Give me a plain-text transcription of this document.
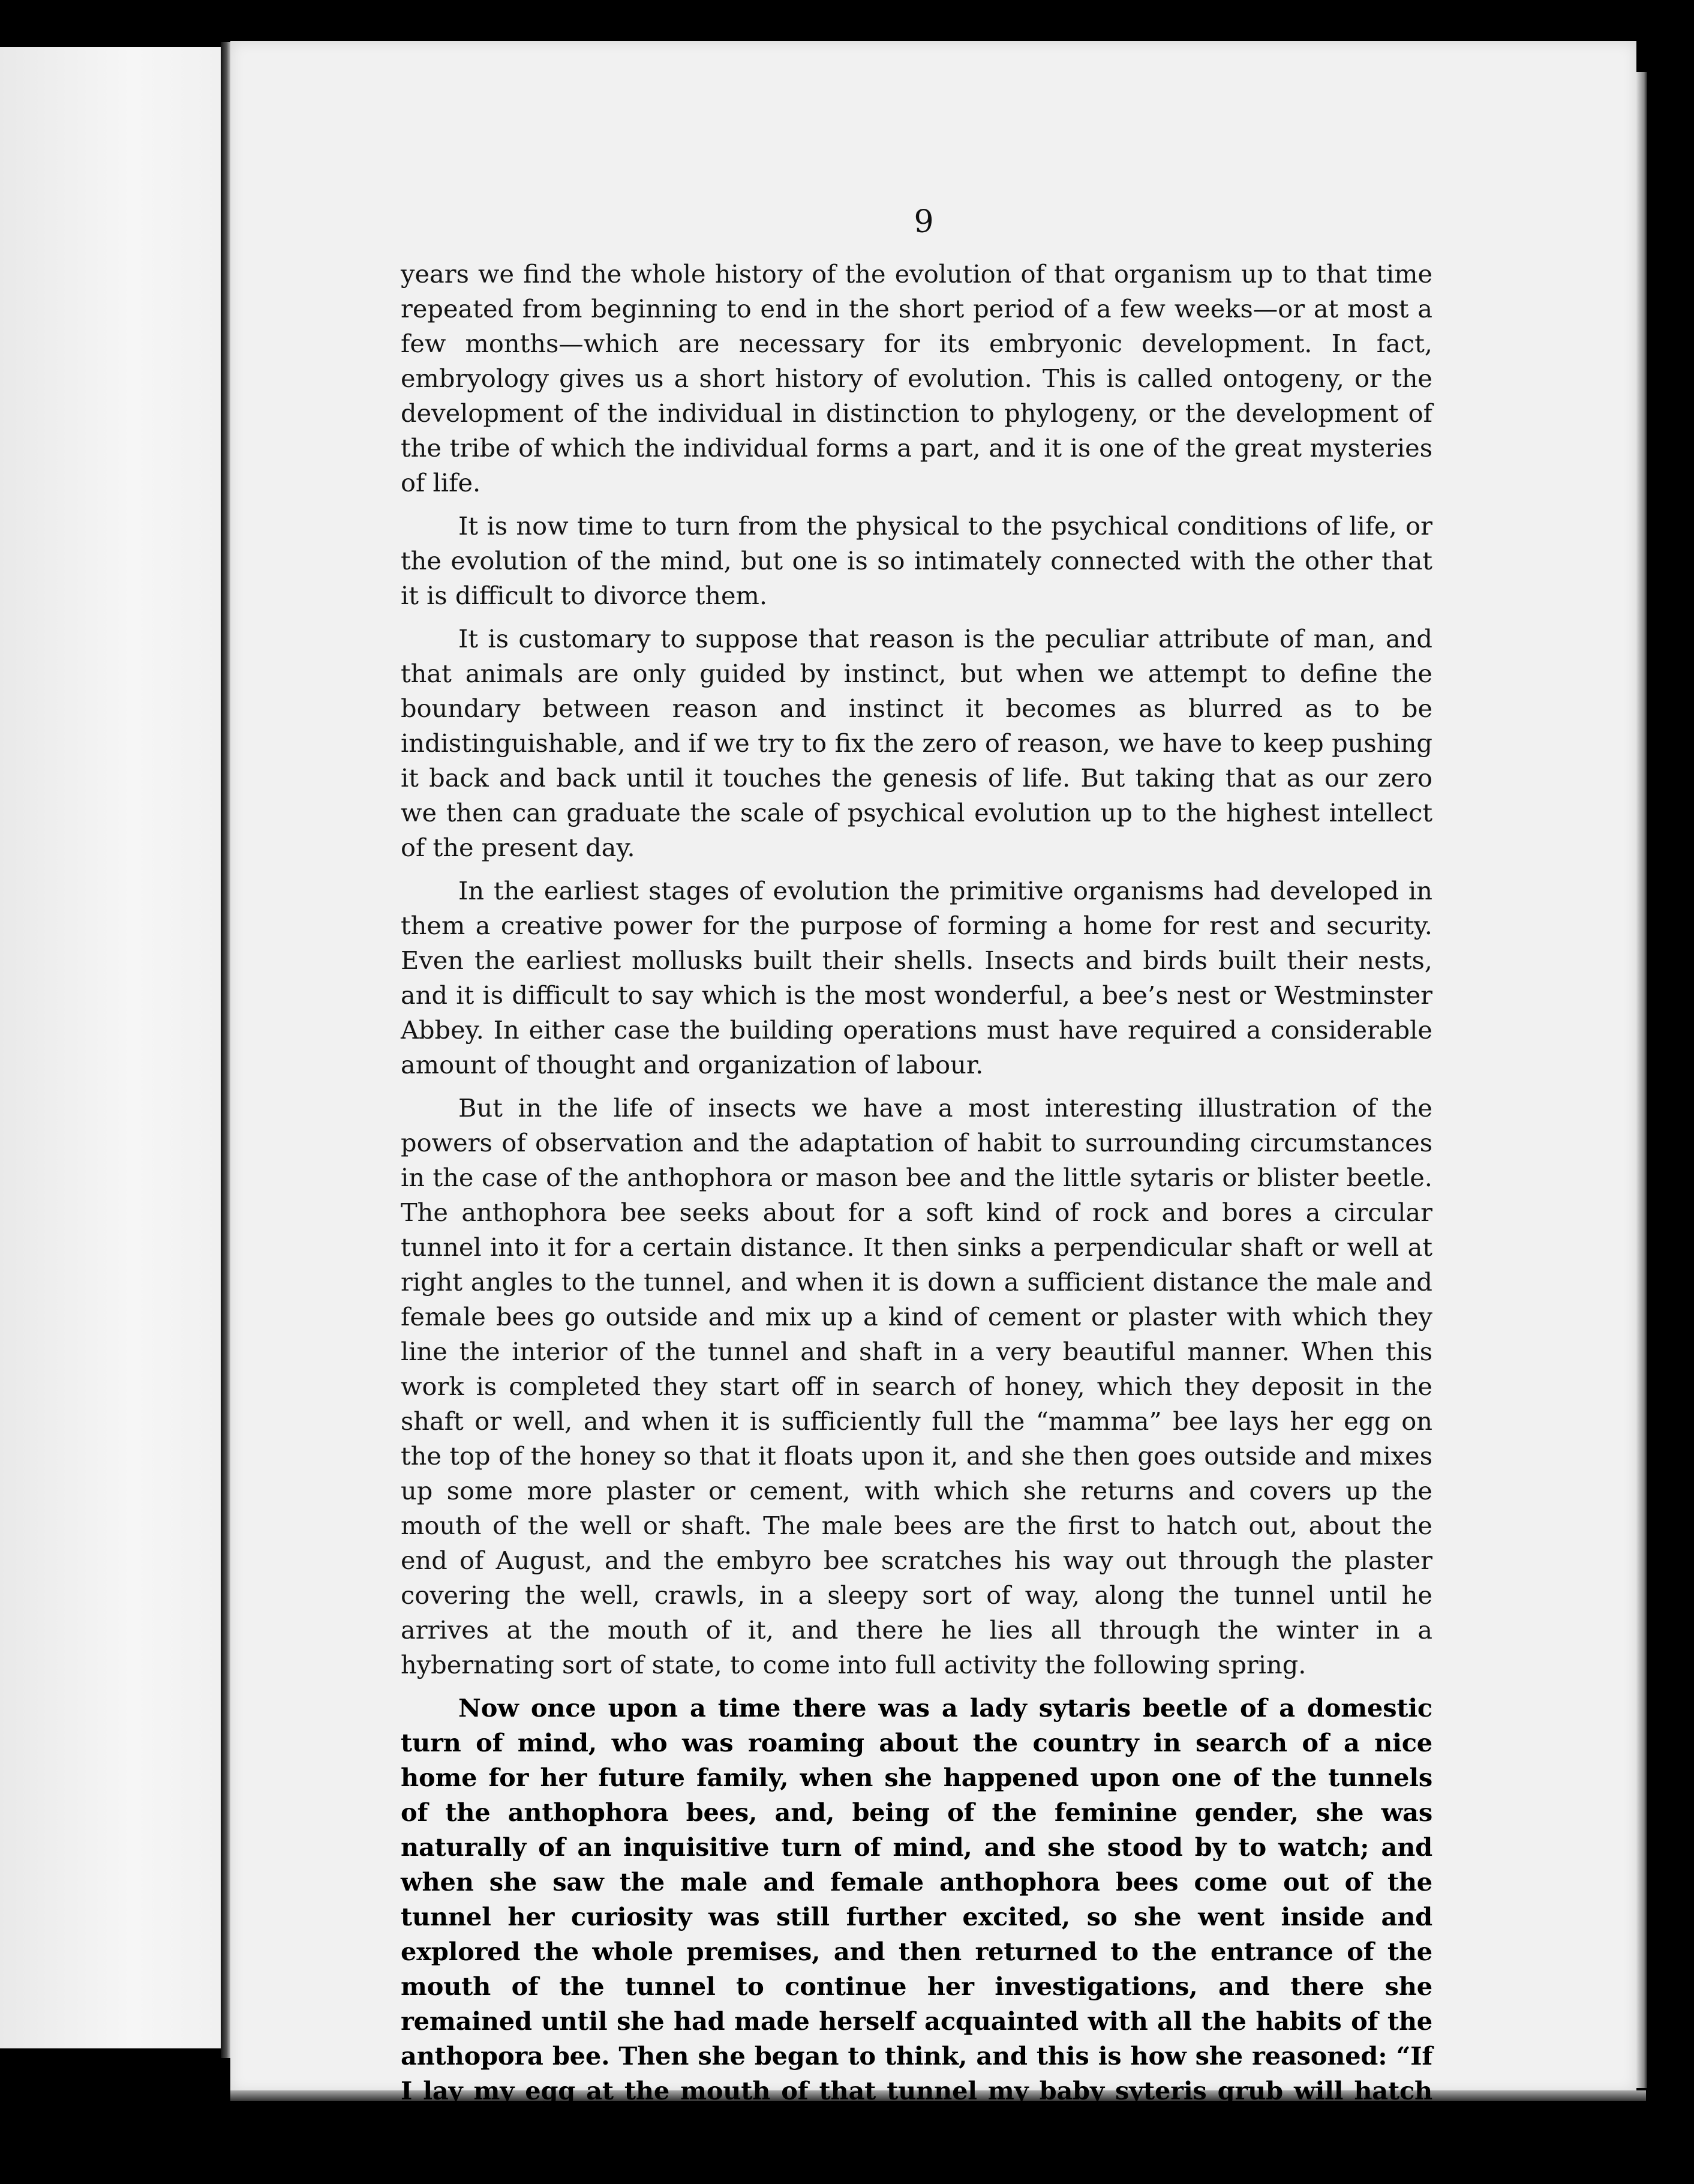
9

years we find the whole history of the evolution of that organism up to that time repeated from beginning to end in the short period of a few weeks—or at most a few months—which are necessary for its embryonic development. In fact, embryology gives us a short history of evolution. This is called ontogeny, or the development of the individual in distinction to phylogeny, or the development of the tribe of which the individual forms a part, and it is one of the great mysteries of life.

It is now time to turn from the physical to the psychical conditions of life, or the evolution of the mind, but one is so intimately connected with the other that it is difficult to divorce them.

It is customary to suppose that reason is the peculiar attribute of man, and that animals are only guided by instinct, but when we attempt to define the boundary between reason and instinct it becomes as blurred as to be indistinguishable, and if we try to fix the zero of reason, we have to keep pushing it back and back until it touches the genesis of life. But taking that as our zero we then can graduate the scale of psychical evolution up to the highest intellect of the present day.

In the earliest stages of evolution the primitive organisms had developed in them a creative power for the purpose of forming a home for rest and security. Even the earliest mollusks built their shells. Insects and birds built their nests, and it is difficult to say which is the most wonderful, a bee’s nest or Westminster Abbey. In either case the building operations must have required a considerable amount of thought and organization of labour.

But in the life of insects we have a most interesting illustration of the powers of observation and the adaptation of habit to surrounding circumstances in the case of the anthophora or mason bee and the little sytaris or blister beetle. The anthophora bee seeks about for a soft kind of rock and bores a circular tunnel into it for a certain distance. It then sinks a perpendicular shaft or well at right angles to the tunnel, and when it is down a sufficient distance the male and female bees go outside and mix up a kind of cement or plaster with which they line the interior of the tunnel and shaft in a very beautiful manner. When this work is completed they start off in search of honey, which they deposit in the shaft or well, and when it is sufficiently full the “mamma” bee lays her egg on the top of the honey so that it floats upon it, and she then goes outside and mixes up some more plaster or cement, with which she returns and covers up the mouth of the well or shaft. The male bees are the first to hatch out, about the end of August, and the embyro bee scratches his way out through the plaster covering the well, crawls, in a sleepy sort of way, along the tunnel until he arrives at the mouth of it, and there he lies all through the winter in a hybernating sort of state, to come into full activity the following spring.

Now once upon a time there was a lady sytaris beetle of a domestic turn of mind, who was roaming about the country in search of a nice home for her future family, when she happened upon one of the tunnels of the anthophora bees, and, being of the feminine gender, she was naturally of an inquisitive turn of mind, and she stood by to watch; and when she saw the male and female anthophora bees come out of the tunnel her curiosity was still further excited, so she went inside and explored the whole premises, and then returned to the entrance of the mouth of the tunnel to continue her investigations, and there she remained until she had made herself acquainted with all the habits of the anthopora bee. Then she began to think, and this is how she reasoned: “If I lay my egg at the mouth of that tunnel my baby syteris grub will hatch out about the end of
